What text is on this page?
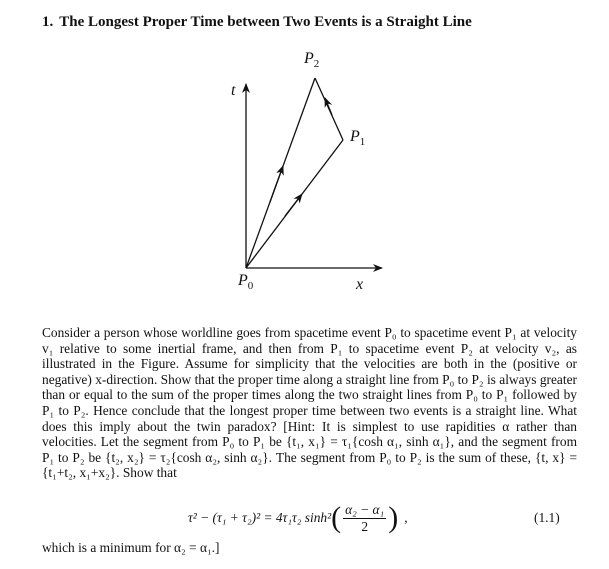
1. The Longest Proper Time between Two Events is a Straight Line
t
x
$P_0$
$P_1$
$P_2$
Consider a person whose worldline goes from spacetime event P₀ to spacetime event P₁ at velocity v₁ relative to some inertial frame, and then from P₁ to spacetime event P₂ at velocity v₂, as illustrated in the Figure. Assume for simplicity that the velocities are both in the (positive or negative) x-direction. Show that the proper time along a straight line from P₀ to P₂ is always greater than or equal to the sum of the proper times along the two straight lines from P₀ to P₁ followed by P₁ to P₂. Hence conclude that the longest proper time between two events is a straight line. What does this imply about the twin paradox? [Hint: It is simplest to use rapidities α rather than velocities. Let the segment from P₀ to P₁ be {t₁, x₁} = τ₁{cosh α₁, sinh α₁}, and the segment from P₁ to P₂ be {t₂, x₂} = τ₂{cosh α₂, sinh α₂}. The segment from P₀ to P₂ is the sum of these, {t, x} = {t₁+t₂, x₁+x₂}. Show that
τ² − (τ₁ + τ₂)² = 4τ₁τ₂ sinh² ( $\frac{\text{α₂ − α₁}}{2}$ ) ,	(1.1)
which is a minimum for α₂ = α₁.]
